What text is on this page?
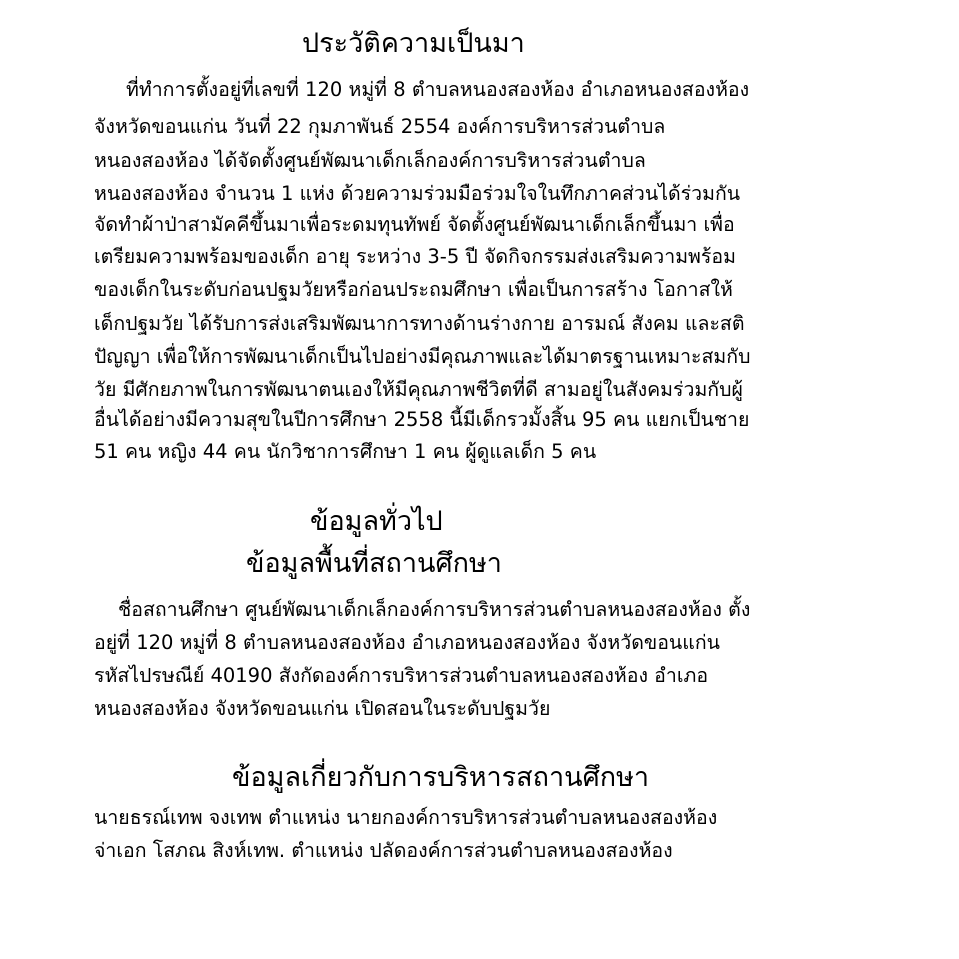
ประวัติความเป็นมา

ที่ทำการตั้งอยู่ที่เลขที่ 120 หมู่ที่ 8 ตำบลหนองสองห้อง อำเภอหนองสองห้อง

จังหวัดขอนแก่น วันที่ 22 กุมภาพันธ์ 2554 องค์การบริหารส่วนตำบล

หนองสองห้อง ได้จัดตั้งศูนย์พัฒนาเด็กเล็กองค์การบริหารส่วนตำบล

หนองสองห้อง จำนวน 1 แห่ง ด้วยความร่วมมือร่วมใจในทึกภาคส่วนได้ร่วมกัน

จัดทำผ้าป่าสามัคคีขึ้นมาเพื่อระดมทุนทัพย์ จัดตั้งศูนย์พัฒนาเด็กเล็กขึ้นมา เพื่อ

เตรียมความพร้อมของเด็ก อายุ ระหว่าง 3-5 ปี จัดกิจกรรมส่งเสริมความพร้อม

ของเด็กในระดับก่อนปฐมวัยหรือก่อนประถมศึกษา เพื่อเป็นการสร้าง โอกาสให้

เด็กปฐมวัย ได้รับการส่งเสริมพัฒนาการทางด้านร่างกาย อารมณ์ สังคม และสติ

ปัญญา เพื่อให้การพัฒนาเด็กเป็นไปอย่างมีคุณภาพและได้มาตรฐานเหมาะสมกับ

วัย มีศักยภาพในการพัฒนาตนเองให้มีคุณภาพชีวิตที่ดี สามอยู่ในสังคมร่วมกับผู้

อื่นได้อย่างมีความสุขในปีการศึกษา 2558 นี้มีเด็กรวมั้งสิ้น 95 คน แยกเป็นชาย

51 คน หญิง 44 คน นักวิชาการศึกษา 1 คน ผู้ดูแลเด็ก 5 คน

ข้อมูลทั่วไป
ข้อมูลพื้นที่สถานศึกษา

ชื่อสถานศึกษา ศูนย์พัฒนาเด็กเล็กองค์การบริหารส่วนตำบลหนองสองห้อง ตั้ง

อยู่ที่ 120 หมู่ที่ 8 ตำบลหนองสองห้อง อำเภอหนองสองห้อง จังหวัดขอนแก่น

รหัสไปรษณีย์ 40190 สังกัดองค์การบริหารส่วนตำบลหนองสองห้อง อำเภอ

หนองสองห้อง จังหวัดขอนแก่น เปิดสอนในระดับปฐมวัย

ข้อมูลเกี่ยวกับการบริหารสถานศึกษา

นายธรณ์เทพ จงเทพ ตำแหน่ง นายกองค์การบริหารส่วนตำบลหนองสองห้อง

จ่าเอก โสภณ สิงห์เทพ. ตำแหน่ง ปลัดองค์การส่วนตำบลหนองสองห้อง
